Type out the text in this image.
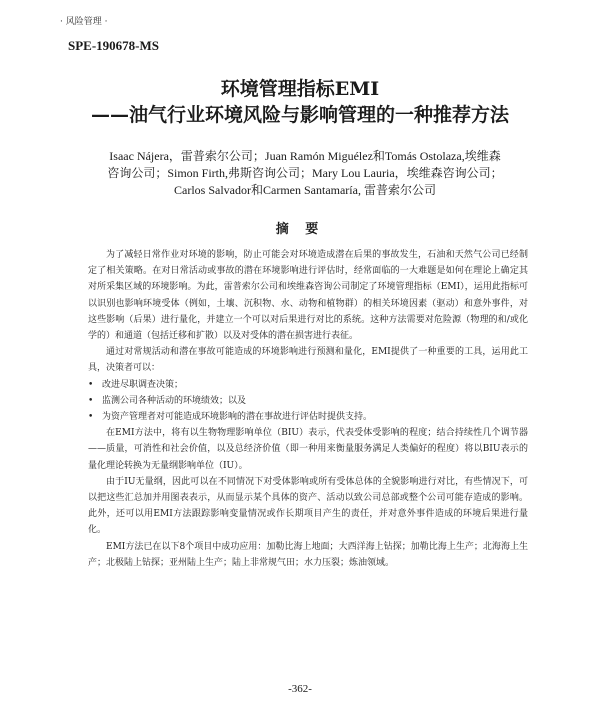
· 风险管理 ·
SPE-190678-MS

环境管理指标EMI

——油气行业环境风险与影响管理的一种推荐方法

Isaac Nájera，雷普索尔公司；Juan Ramón Miguélez和Tomás Ostolaza,埃维森

咨询公司；Simon Firth,弗斯咨询公司；Mary Lou Lauria，埃维森咨询公司；

Carlos Salvador和Carmen Santamaría, 雷普索尔公司

摘 要

为了减轻日常作业对环境的影响，防止可能会对环境造成潜在后果的事故发生，石油和天然气公司已经制定了相关策略。在对日常活动或事故的潜在环境影响进行评估时，经常面临的一大难题是如何在理论上确定其对所采集区域的环境影响。为此，雷普索尔公司和埃维森咨询公司制定了环境管理指标（EMI），运用此指标可以识别也影响环境受体（例如，土壤、沉积物、水、动物和植物群）的相关环境因素（驱动）和意外事件，对这些影响（后果）进行量化，并建立一个可以对后果进行对比的系统。这种方法需要对危险源（物理的和/或化学的）和通道（包括迁移和扩散）以及对受体的潜在损害进行表征。

通过对常规活动和潜在事故可能造成的环境影响进行预测和量化，EMI提供了一种重要的工具，运用此工具，决策者可以：

• 改进尽职调查决策；

• 监测公司各种活动的环境绩效；以及

• 为资产管理者对可能造成环境影响的潜在事故进行评估时提供支持。

在EMI方法中，将有以生物物理影响单位（BIU）表示，代表受体受影响的程度；结合持续性几个调节器——质量，可消性和社会价值，以及总经济价值（即一种用来衡量服务满足人类偏好的程度）将以BIU表示的量化理论转换为无量纲影响单位（IU）。

由于IU无量纲，因此可以在不同情况下对受体影响或所有受体总体的全貌影响进行对比，有些情况下，可以把这些汇总加并用图表表示，从而显示某个具体的资产、活动以致公司总部或整个公司可能存造成的影响。此外，还可以用EMI方法跟踪影响变量情况或作长期项目产生的责任，并对意外事件造成的环境后果进行量化。

EMI方法已在以下8个项目中成功应用：加勒比海上地面；大西洋海上钻探；加勒比海上生产；北海海上生产；北极陆上钻探；亚州陆上生产；陆上非常规气田；水力压裂；炼油领域。

-362-
